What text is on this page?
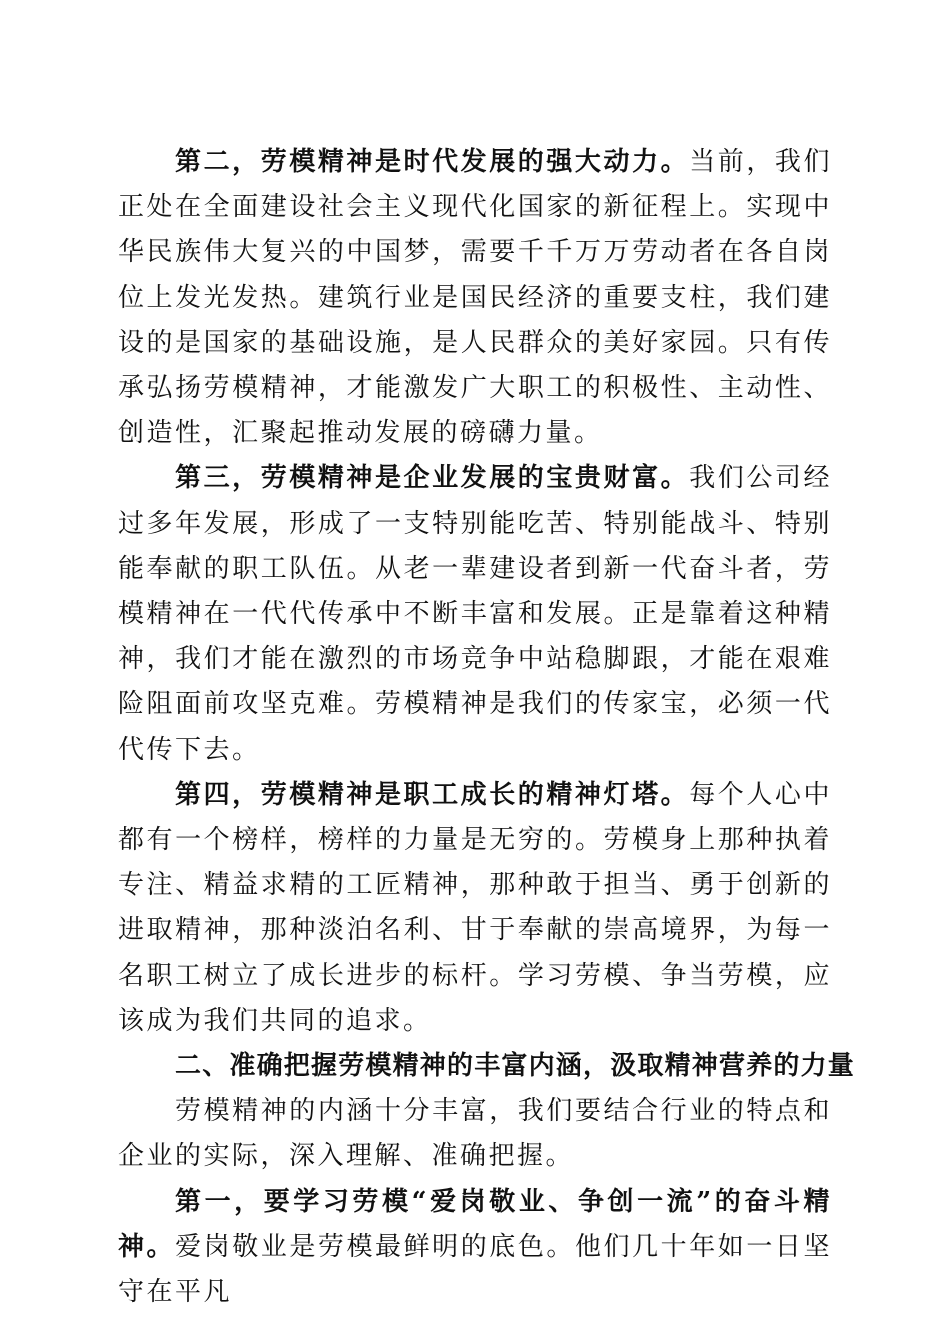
第二，劳模精神是时代发展的强大动力。当前，我们正处在全面建设社会主义现代化国家的新征程上。实现中华民族伟大复兴的中国梦，需要千千万万劳动者在各自岗位上发光发热。建筑行业是国民经济的重要支柱，我们建设的是国家的基础设施，是人民群众的美好家园。只有传承弘扬劳模精神，才能激发广大职工的积极性、主动性、创造性，汇聚起推动发展的磅礴力量。

第三，劳模精神是企业发展的宝贵财富。我们公司经过多年发展，形成了一支特别能吃苦、特别能战斗、特别能奉献的职工队伍。从老一辈建设者到新一代奋斗者，劳模精神在一代代传承中不断丰富和发展。正是靠着这种精神，我们才能在激烈的市场竞争中站稳脚跟，才能在艰难险阻面前攻坚克难。劳模精神是我们的传家宝，必须一代代传下去。

第四，劳模精神是职工成长的精神灯塔。每个人心中都有一个榜样，榜样的力量是无穷的。劳模身上那种执着专注、精益求精的工匠精神，那种敢于担当、勇于创新的进取精神，那种淡泊名利、甘于奉献的崇高境界，为每一名职工树立了成长进步的标杆。学习劳模、争当劳模，应该成为我们共同的追求。

二、准确把握劳模精神的丰富内涵，汲取精神营养的力量

劳模精神的内涵十分丰富，我们要结合行业的特点和企业的实际，深入理解、准确把握。

第一，要学习劳模“爱岗敬业、争创一流”的奋斗精神。爱岗敬业是劳模最鲜明的底色。他们几十年如一日坚守在平凡
